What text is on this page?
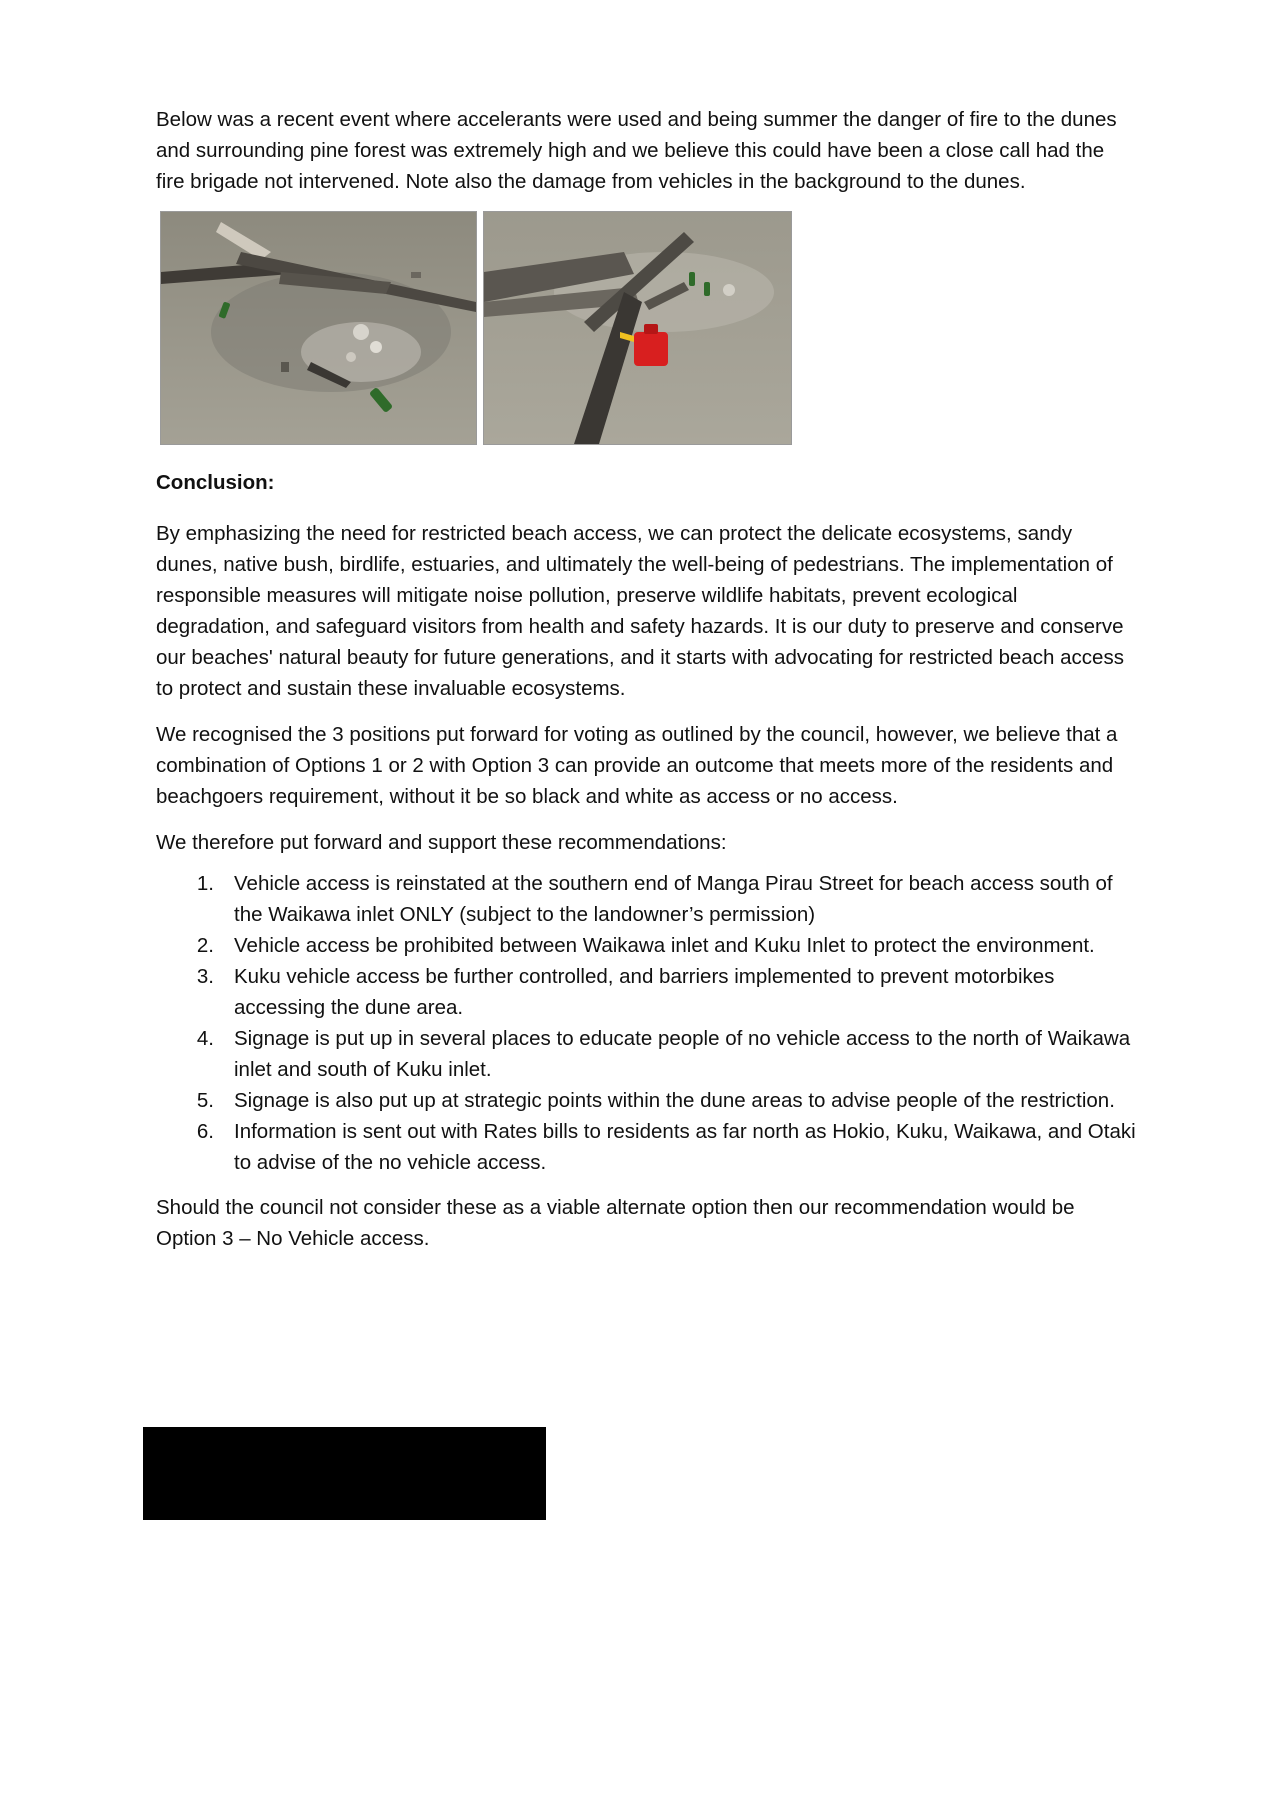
Below was a recent event where accelerants were used and being summer the danger of fire to the dunes and surrounding pine forest was extremely high and we believe this could have been a close call had the fire brigade not intervened. Note also the damage from vehicles in the background to the dunes.

Conclusion:

By emphasizing the need for restricted beach access, we can protect the delicate ecosystems, sandy dunes, native bush, birdlife, estuaries, and ultimately the well-being of pedestrians. The implementation of responsible measures will mitigate noise pollution, preserve wildlife habitats, prevent ecological degradation, and safeguard visitors from health and safety hazards. It is our duty to preserve and conserve our beaches' natural beauty for future generations, and it starts with advocating for restricted beach access to protect and sustain these invaluable ecosystems.

We recognised the 3 positions put forward for voting as outlined by the council, however, we believe that a combination of Options 1 or 2 with Option 3 can provide an outcome that meets more of the residents and beachgoers requirement, without it be so black and white as access or no access.

We therefore put forward and support these recommendations:

1. Vehicle access is reinstated at the southern end of Manga Pirau Street for beach access south of the Waikawa inlet ONLY (subject to the landowner’s permission)
2. Vehicle access be prohibited between Waikawa inlet and Kuku Inlet to protect the environment.
3. Kuku vehicle access be further controlled, and barriers implemented to prevent motorbikes accessing the dune area.
4. Signage is put up in several places to educate people of no vehicle access to the north of Waikawa inlet and south of Kuku inlet.
5. Signage is also put up at strategic points within the dune areas to advise people of the restriction.
6. Information is sent out with Rates bills to residents as far north as Hokio, Kuku, Waikawa, and Otaki to advise of the no vehicle access.

Should the council not consider these as a viable alternate option then our recommendation would be Option 3 – No Vehicle access.
